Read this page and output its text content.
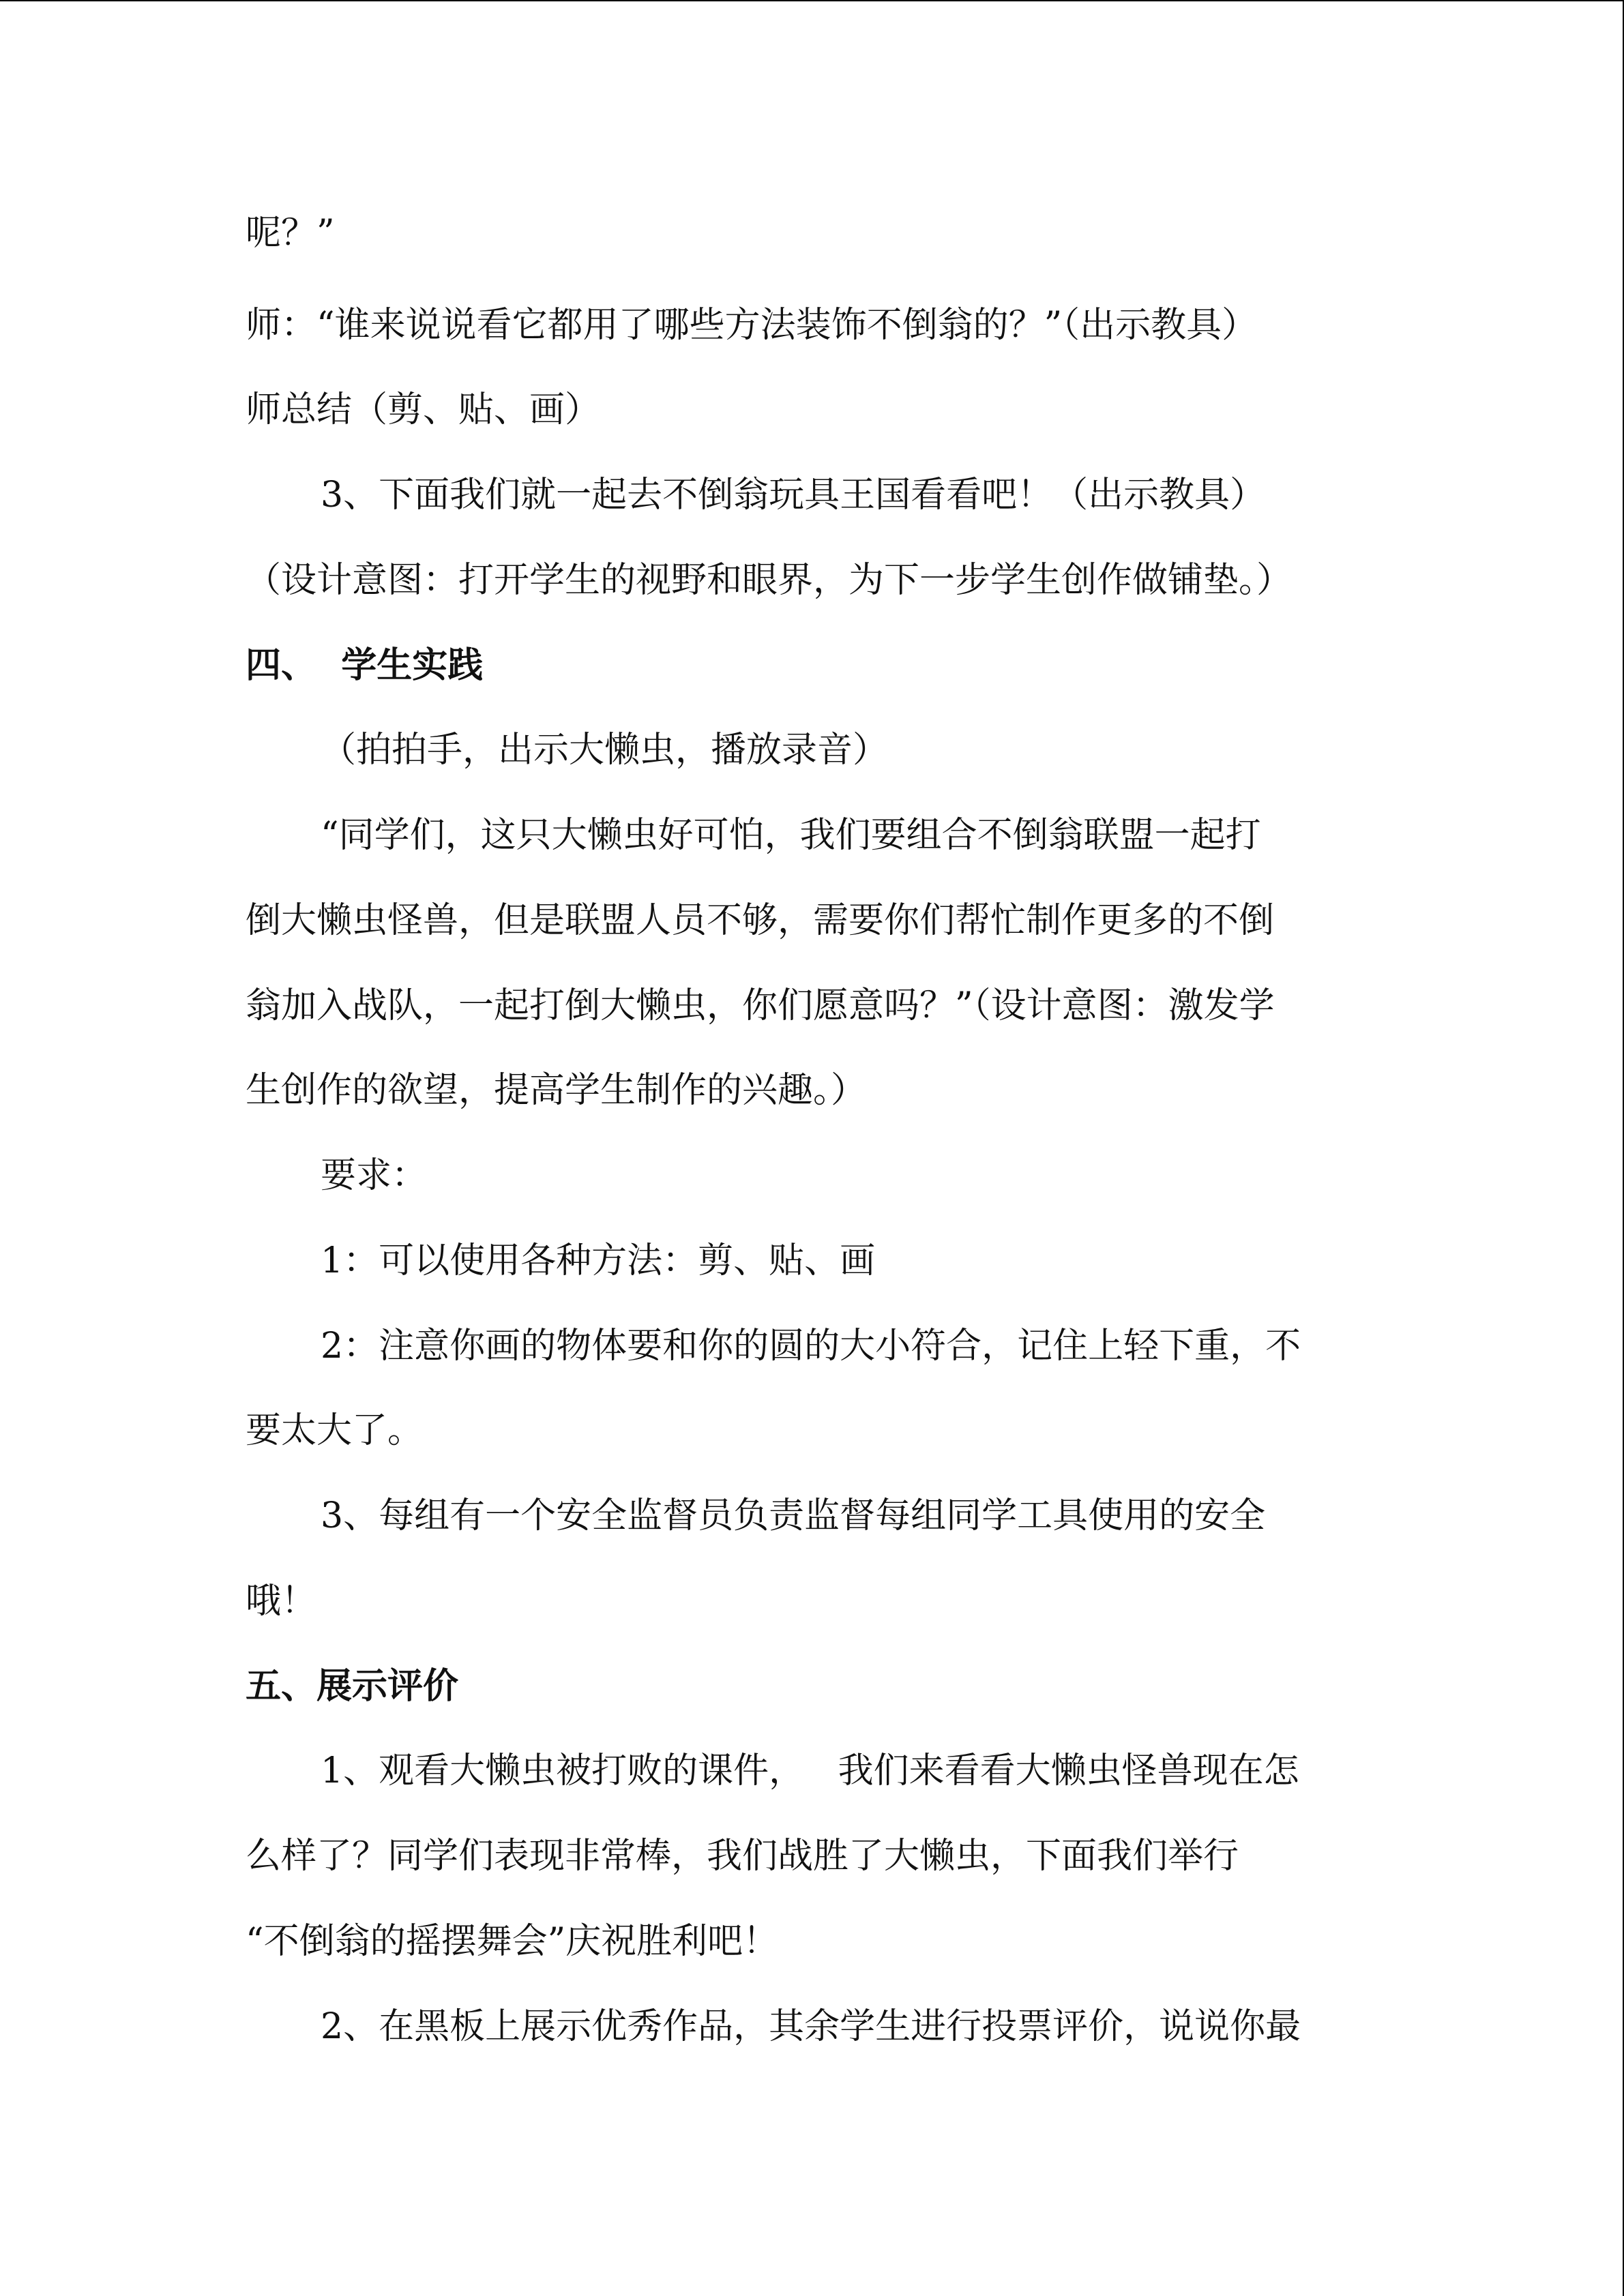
呢？”
师：“谁来说说看它都用了哪些方法装饰不倒翁的？”（出示教具）
师总结（剪、贴、画）
3、下面我们就一起去不倒翁玩具王国看看吧！（出示教具）
（设计意图：打开学生的视野和眼界，为下一步学生创作做铺垫。）
四、  学生实践
（拍拍手，出示大懒虫，播放录音）
“同学们，这只大懒虫好可怕，我们要组合不倒翁联盟一起打
倒大懒虫怪兽，但是联盟人员不够，需要你们帮忙制作更多的不倒
翁加入战队，一起打倒大懒虫，你们愿意吗？”（设计意图：激发学
生创作的欲望，提高学生制作的兴趣。）
要求：
1：可以使用各种方法：剪、贴、画
2：注意你画的物体要和你的圆的大小符合，记住上轻下重，不
要太大了。
3、每组有一个安全监督员负责监督每组同学工具使用的安全
哦！
五、展示评价
1、观看大懒虫被打败的课件，   我们来看看大懒虫怪兽现在怎
么样了？同学们表现非常棒，我们战胜了大懒虫，下面我们举行
“不倒翁的摇摆舞会”庆祝胜利吧！
2、在黑板上展示优秀作品，其余学生进行投票评价，说说你最
